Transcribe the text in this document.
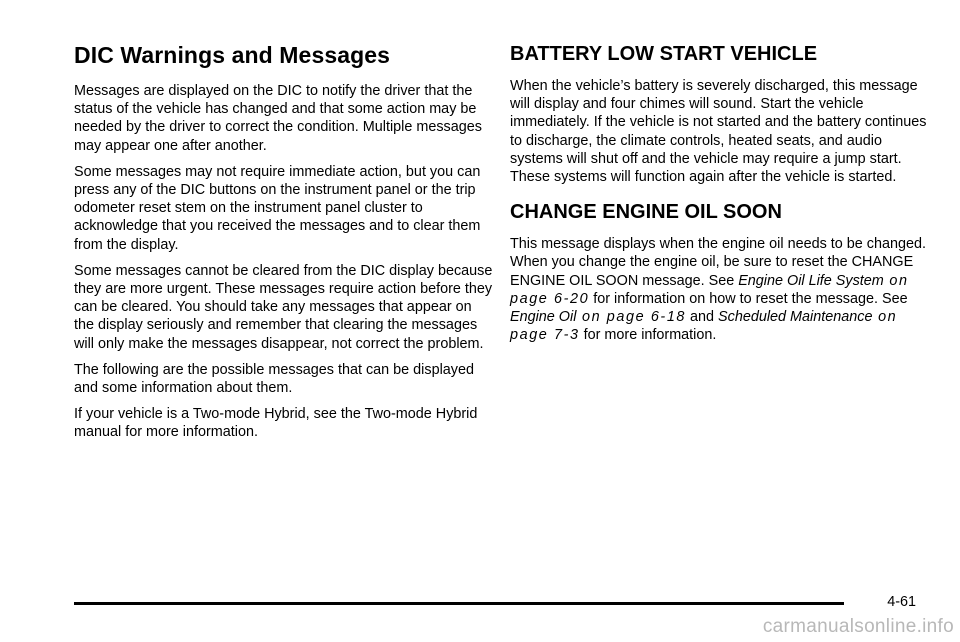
DIC Warnings and Messages

Messages are displayed on the DIC to notify the driver that the status of the vehicle has changed and that some action may be needed by the driver to correct the condition. Multiple messages may appear one after another.

Some messages may not require immediate action, but you can press any of the DIC buttons on the instrument panel or the trip odometer reset stem on the instrument panel cluster to acknowledge that you received the messages and to clear them from the display.

Some messages cannot be cleared from the DIC display because they are more urgent. These messages require action before they can be cleared. You should take any messages that appear on the display seriously and remember that clearing the messages will only make the messages disappear, not correct the problem.

The following are the possible messages that can be displayed and some information about them.

If your vehicle is a Two-mode Hybrid, see the Two-mode Hybrid manual for more information.

BATTERY LOW START VEHICLE

When the vehicle’s battery is severely discharged, this message will display and four chimes will sound. Start the vehicle immediately. If the vehicle is not started and the battery continues to discharge, the climate controls, heated seats, and audio systems will shut off and the vehicle may require a jump start. These systems will function again after the vehicle is started.

CHANGE ENGINE OIL SOON

This message displays when the engine oil needs to be changed. When you change the engine oil, be sure to reset the CHANGE ENGINE OIL SOON message. See Engine Oil Life System on page 6‑20 for information on how to reset the message. See Engine Oil on page 6‑18 and Scheduled Maintenance on page 7‑3 for more information.

4-61
carmanualsonline.info
